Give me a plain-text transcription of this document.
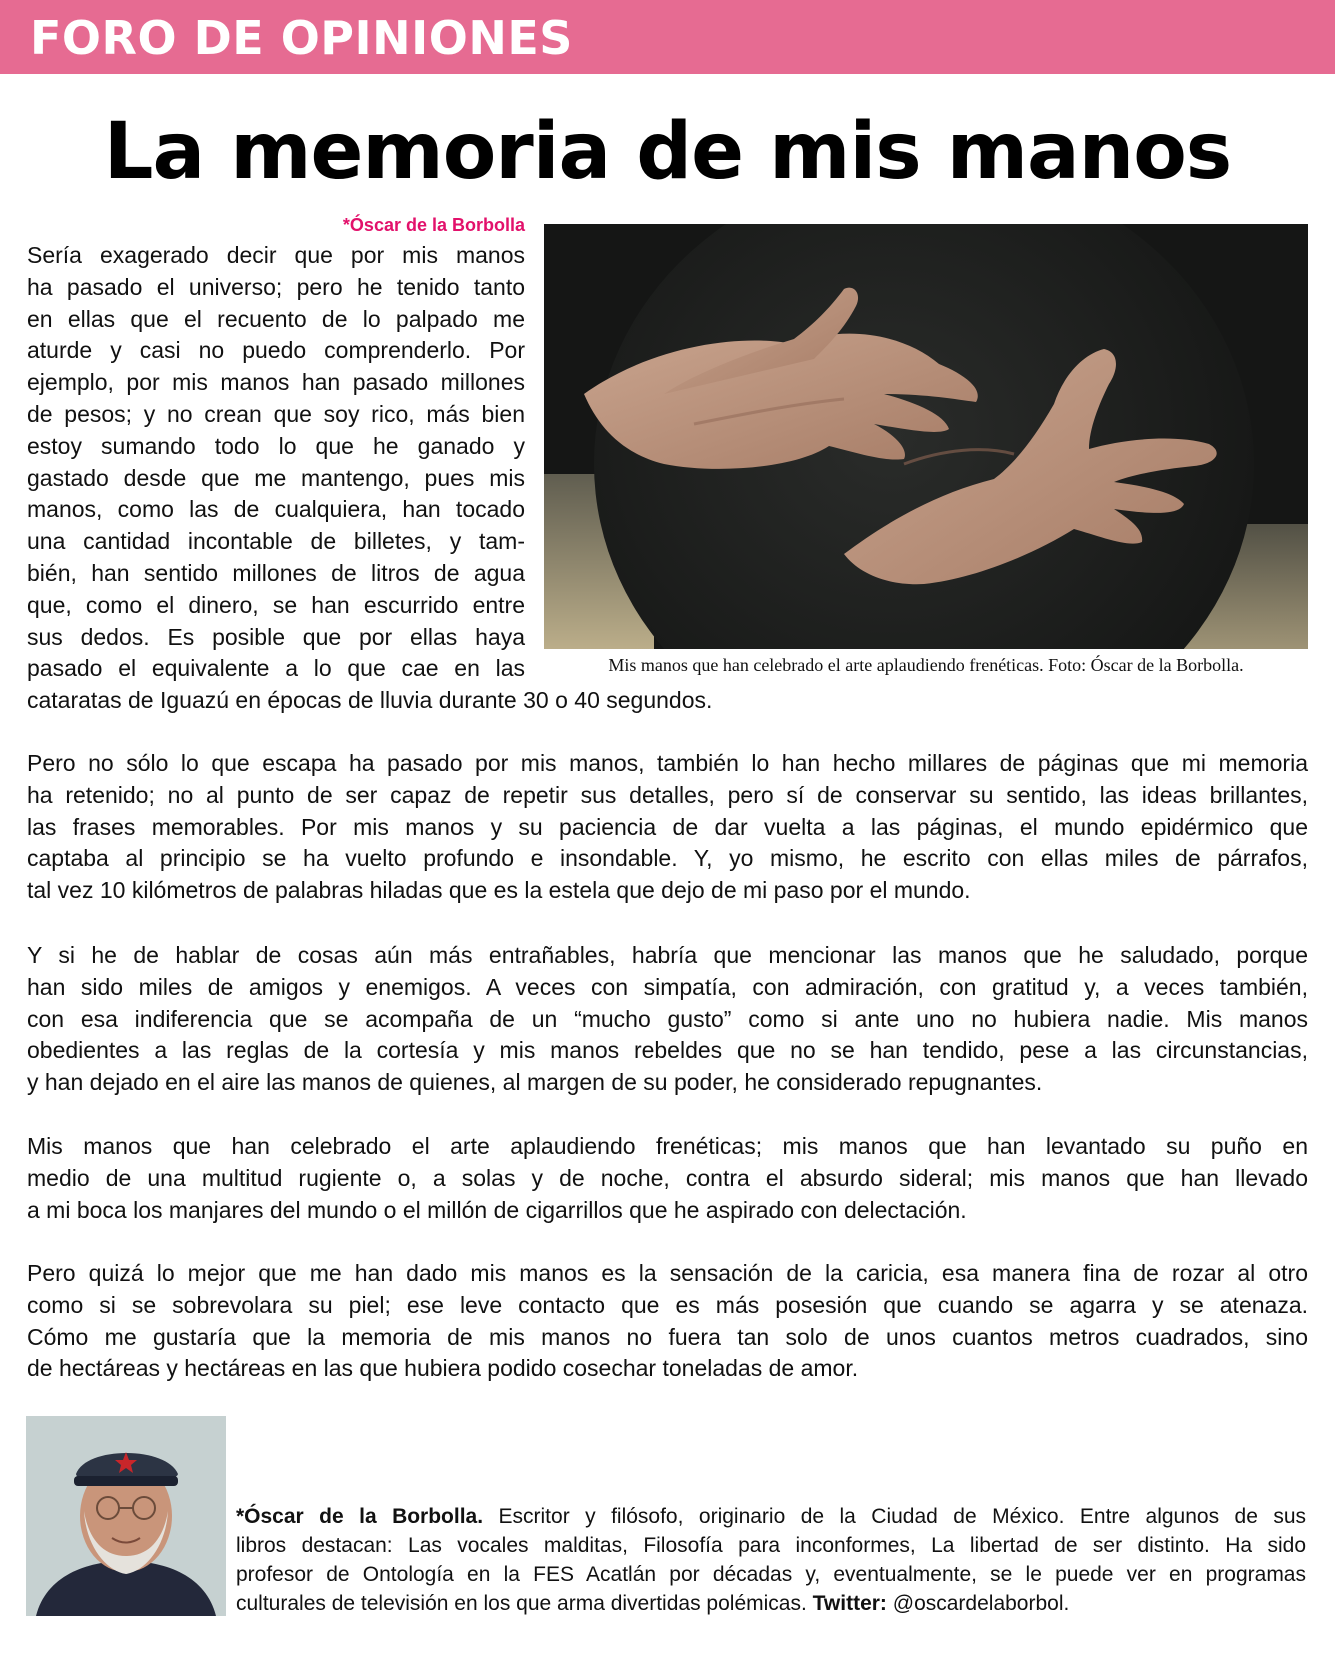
FORO DE OPINIONES
La memoria de mis manos
*Óscar de la Borbolla
Mis manos que han celebrado el arte aplaudiendo frenéticas. Foto: Óscar de la Borbolla.
Sería exagerado decir que por mis manos
ha pasado el universo; pero he tenido tanto
en ellas que el recuento de lo palpado me
aturde y casi no puedo comprenderlo. Por
ejemplo, por mis manos han pasado millones
de pesos; y no crean que soy rico, más bien
estoy sumando todo lo que he ganado y
gastado desde que me mantengo, pues mis
manos, como las de cualquiera, han tocado
una cantidad incontable de billetes, y tam-
bién, han sentido millones de litros de agua
que, como el dinero, se han escurrido entre
sus dedos. Es posible que por ellas haya
pasado el equivalente a lo que cae en las
cataratas de Iguazú en épocas de lluvia durante 30 o 40 segundos.
Pero no sólo lo que escapa ha pasado por mis manos, también lo han hecho millares de páginas que mi memoria
ha retenido; no al punto de ser capaz de repetir sus detalles, pero sí de conservar su sentido, las ideas brillantes,
las frases memorables. Por mis manos y su paciencia de dar vuelta a las páginas, el mundo epidérmico que
captaba al principio se ha vuelto profundo e insondable. Y, yo mismo, he escrito con ellas miles de párrafos,
tal vez 10 kilómetros de palabras hiladas que es la estela que dejo de mi paso por el mundo.
Y si he de hablar de cosas aún más entrañables, habría que mencionar las manos que he saludado, porque
han sido miles de amigos y enemigos. A veces con simpatía, con admiración, con gratitud y, a veces también,
con esa indiferencia que se acompaña de un “mucho gusto” como si ante uno no hubiera nadie. Mis manos
obedientes a las reglas de la cortesía y mis manos rebeldes que no se han tendido, pese a las circunstancias,
y han dejado en el aire las manos de quienes, al margen de su poder, he considerado repugnantes.
Mis manos que han celebrado el arte aplaudiendo frenéticas; mis manos que han levantado su puño en
medio de una multitud rugiente o, a solas y de noche, contra el absurdo sideral; mis manos que han llevado
a mi boca los manjares del mundo o el millón de cigarrillos que he aspirado con delectación.
Pero quizá lo mejor que me han dado mis manos es la sensación de la caricia, esa manera fina de rozar al otro
como si se sobrevolara su piel; ese leve contacto que es más posesión que cuando se agarra y se atenaza.
Cómo me gustaría que la memoria de mis manos no fuera tan solo de unos cuantos metros cuadrados, sino
de hectáreas y hectáreas en las que hubiera podido cosechar toneladas de amor.
*Óscar de la Borbolla. Escritor y filósofo, originario de la Ciudad de México. Entre algunos de sus
libros destacan: Las vocales malditas, Filosofía para inconformes, La libertad de ser distinto. Ha sido
profesor de Ontología en la FES Acatlán por décadas y, eventualmente, se le puede ver en programas
culturales de televisión en los que arma divertidas polémicas. Twitter: @oscardelaborbol.
